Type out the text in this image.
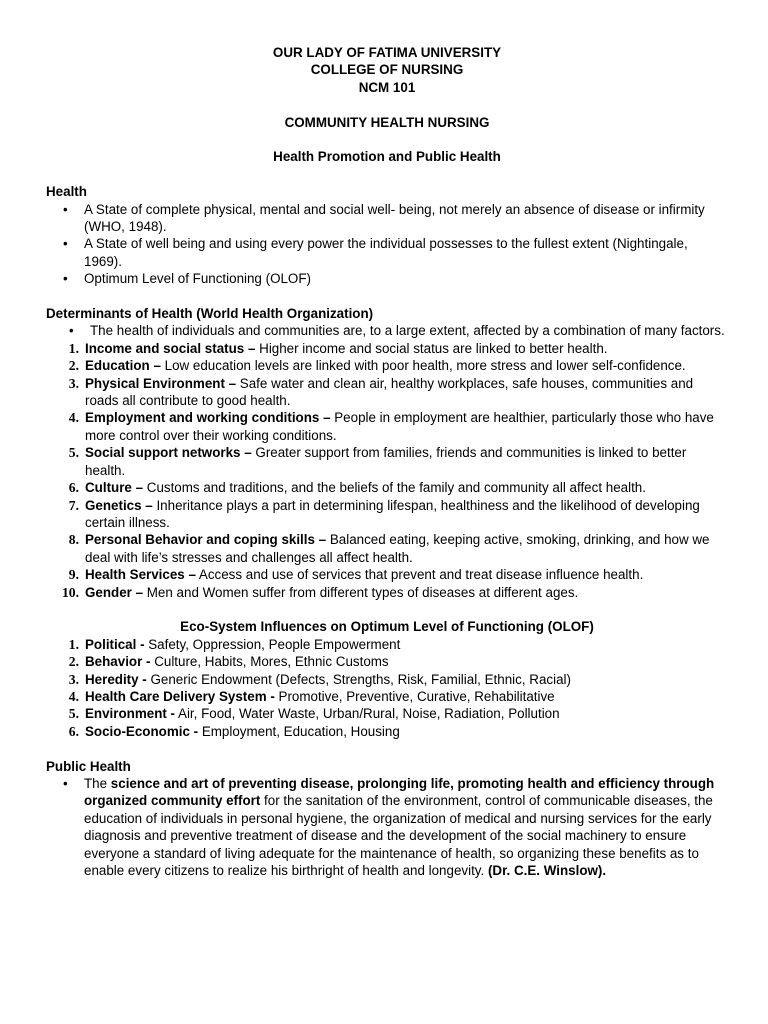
OUR LADY OF FATIMA UNIVERSITY
COLLEGE OF NURSING
NCM 101
COMMUNITY HEALTH NURSING
Health Promotion and Public Health
Health
• A State of complete physical, mental and social well- being, not merely an absence of disease or infirmity (WHO, 1948).
• A State of well being and using every power the individual possesses to the fullest extent (Nightingale, 1969).
• Optimum Level of Functioning (OLOF)
Determinants of Health (World Health Organization)
• The health of individuals and communities are, to a large extent, affected by a combination of many factors.
1. Income and social status – Higher income and social status are linked to better health.
2. Education – Low education levels are linked with poor health, more stress and lower self-confidence.
3. Physical Environment – Safe water and clean air, healthy workplaces, safe houses, communities and roads all contribute to good health.
4. Employment and working conditions – People in employment are healthier, particularly those who have more control over their working conditions.
5. Social support networks – Greater support from families, friends and communities is linked to better health.
6. Culture – Customs and traditions, and the beliefs of the family and community all affect health.
7. Genetics – Inheritance plays a part in determining lifespan, healthiness and the likelihood of developing certain illness.
8. Personal Behavior and coping skills – Balanced eating, keeping active, smoking, drinking, and how we deal with life’s stresses and challenges all affect health.
9. Health Services – Access and use of services that prevent and treat disease influence health.
10. Gender – Men and Women suffer from different types of diseases at different ages.
Eco-System Influences on Optimum Level of Functioning (OLOF)
1. Political - Safety, Oppression, People Empowerment
2. Behavior - Culture, Habits, Mores, Ethnic Customs
3. Heredity - Generic Endowment (Defects, Strengths, Risk, Familial, Ethnic, Racial)
4. Health Care Delivery System - Promotive, Preventive, Curative, Rehabilitative
5. Environment - Air, Food, Water Waste, Urban/Rural, Noise, Radiation, Pollution
6. Socio-Economic - Employment, Education, Housing
Public Health
• The science and art of preventing disease, prolonging life, promoting health and efficiency through organized community effort for the sanitation of the environment, control of communicable diseases, the education of individuals in personal hygiene, the organization of medical and nursing services for the early diagnosis and preventive treatment of disease and the development of the social machinery to ensure everyone a standard of living adequate for the maintenance of health, so organizing these benefits as to enable every citizens to realize his birthright of health and longevity. (Dr. C.E. Winslow).
